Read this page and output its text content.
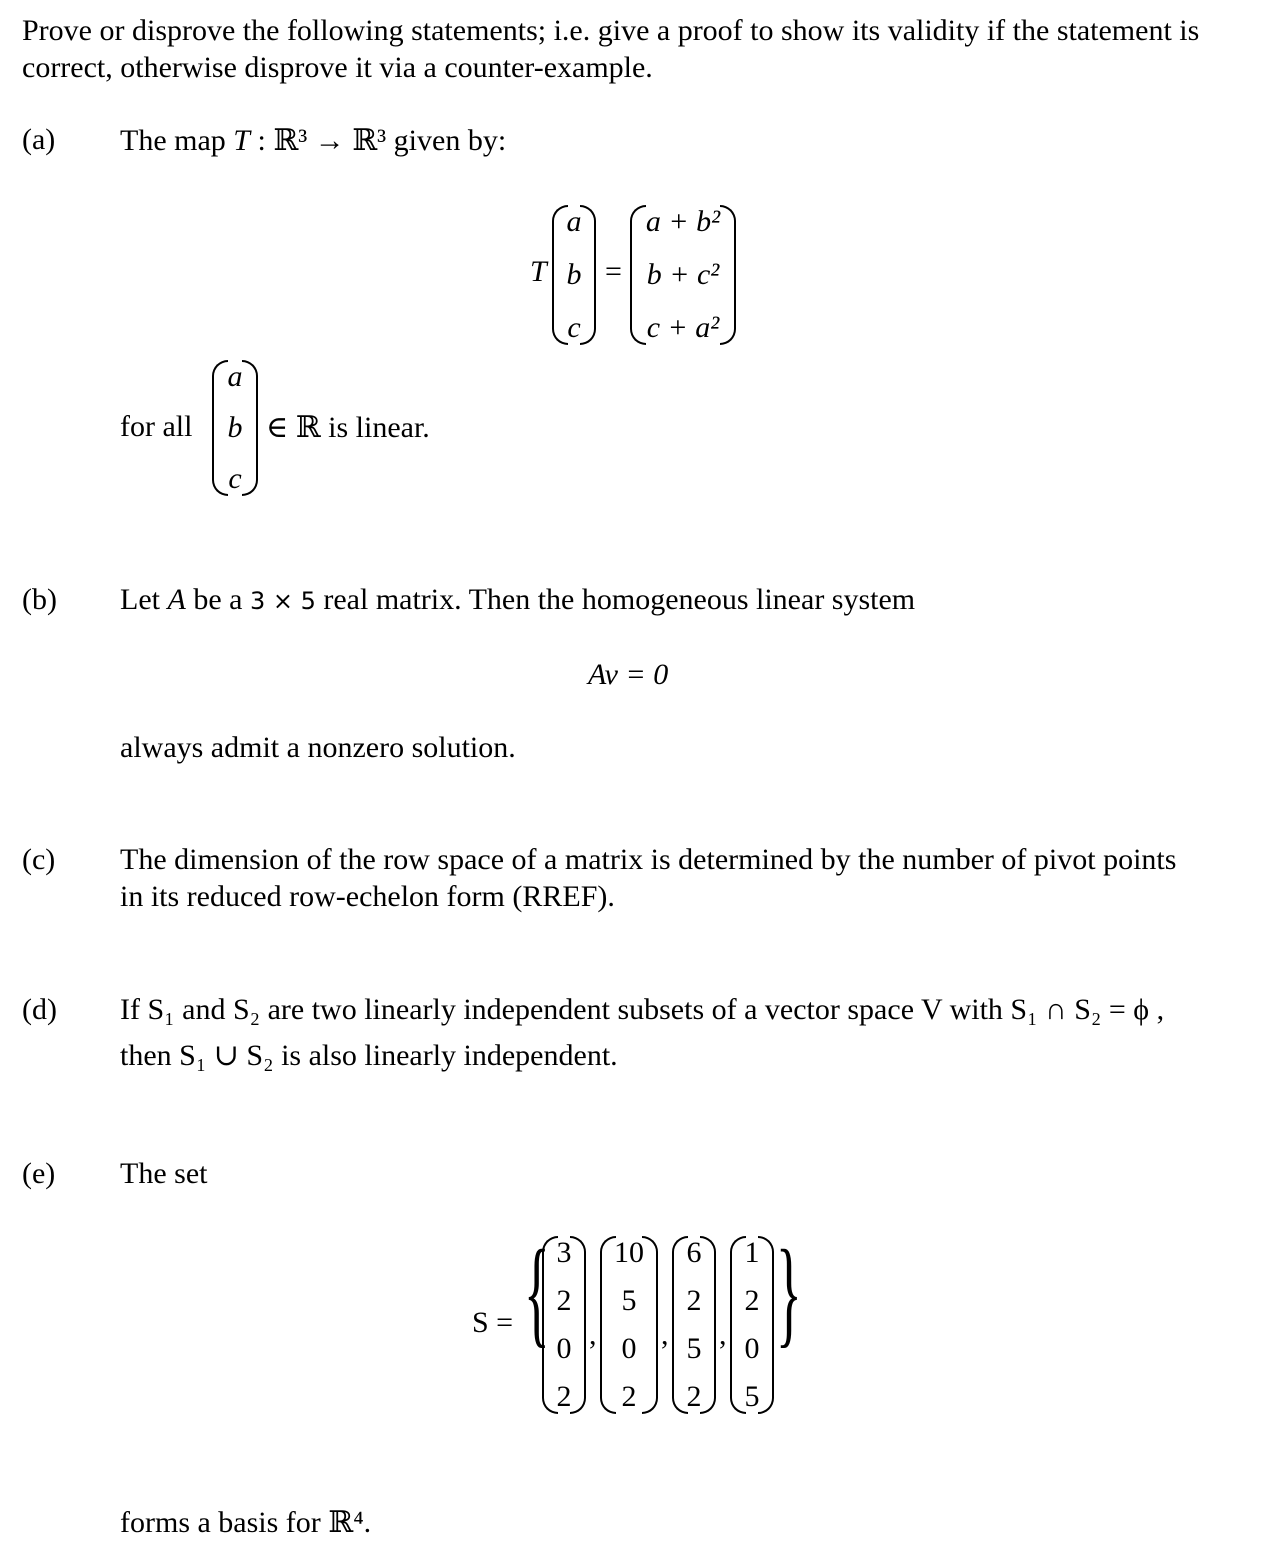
Prove or disprove the following statements; i.e. give a proof to show its validity if the statement is correct, otherwise disprove it via a counter-example.
(a) The map T : ℝ³ → ℝ³ given by:
T
a
b
c
=
a + b²
b + c²
c + a²
for all
a
b
c
∈ ℝ is linear.
(b) Let A be a 3 × 5 real matrix. Then the homogeneous linear system
Av = 0
always admit a nonzero solution.
(c) The dimension of the row space of a matrix is determined by the number of pivot points
in its reduced row-echelon form (RREF).
(d) If S₁ and S₂ are two linearly independent subsets of a vector space V with S₁ ∩ S₂ = ϕ ,
then S₁ ∪ S₂ is also linearly independent.
(e) The set
S = { }
3
2
0
2
,
10
5
0
2
,
6
2
5
2
,
1
2
0
5
forms a basis for ℝ⁴.
